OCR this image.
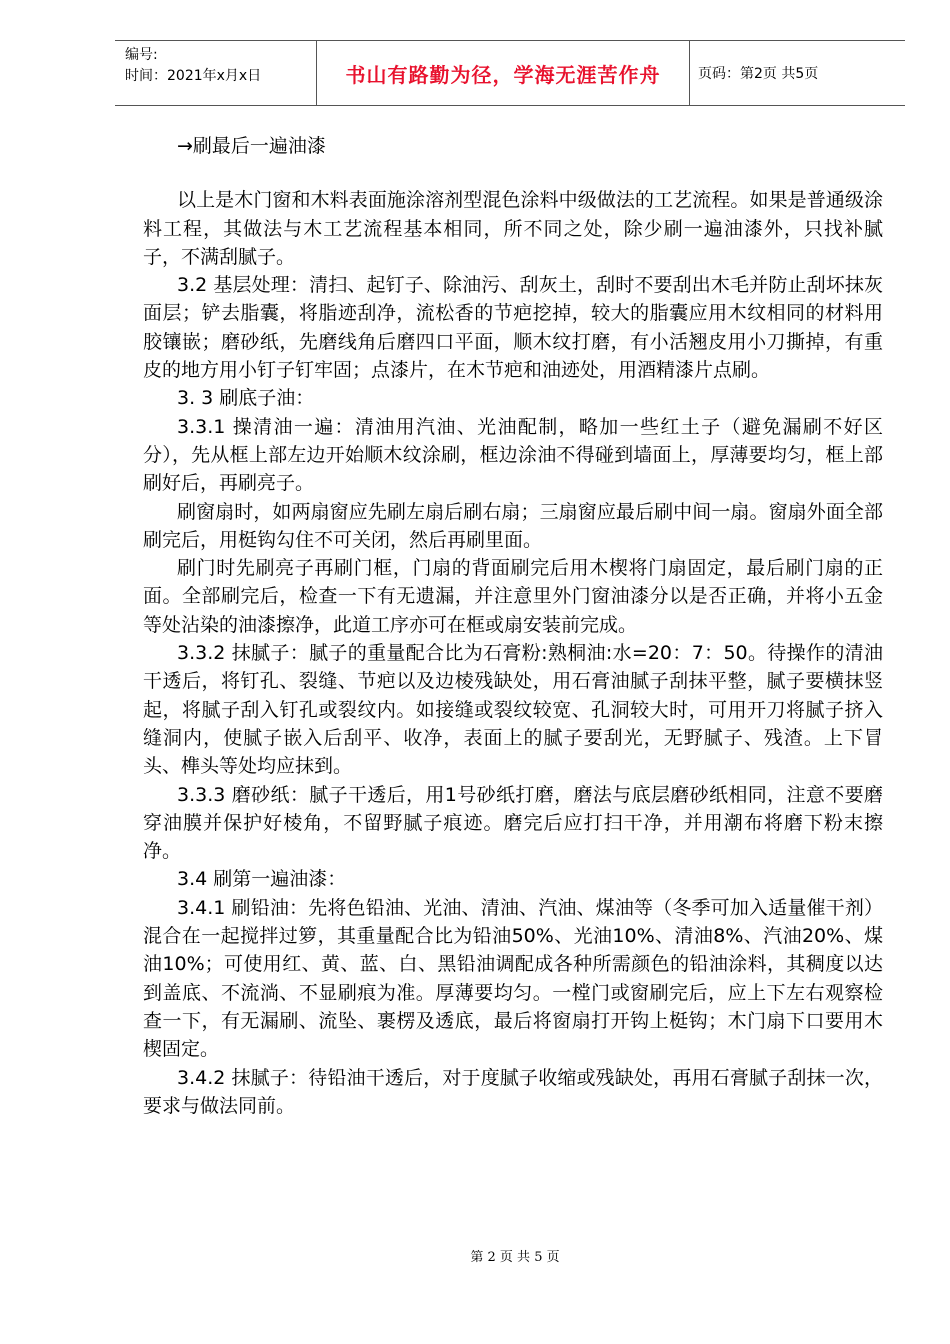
编号:
时间：2021年x月x日	书山有路勤为径，学海无涯苦作舟	页码：第2页 共5页

→刷最后一遍油漆

以上是木门窗和木料表面施涂溶剂型混色涂料中级做法的工艺流程。如果是普通级涂料工程，其做法与木工艺流程基本相同，所不同之处，除少刷一遍油漆外，只找补腻子，不满刮腻子。

3.2 基层处理：清扫、起钉子、除油污、刮灰土，刮时不要刮出木毛并防止刮坏抹灰面层；铲去脂囊，将脂迹刮净，流松香的节疤挖掉，较大的脂囊应用木纹相同的材料用胶镶嵌；磨砂纸，先磨线角后磨四口平面，顺木纹打磨，有小活翘皮用小刀撕掉，有重皮的地方用小钉子钉牢固；点漆片，在木节疤和油迹处，用酒精漆片点刷。

3. 3 刷底子油：

3.3.1 操清油一遍：清油用汽油、光油配制，略加一些红土子（避免漏刷不好区分），先从框上部左边开始顺木纹涂刷，框边涂油不得碰到墙面上，厚薄要均匀，框上部刷好后，再刷亮子。

刷窗扇时，如两扇窗应先刷左扇后刷右扇；三扇窗应最后刷中间一扇。窗扇外面全部刷完后，用梃钩勾住不可关闭，然后再刷里面。

刷门时先刷亮子再刷门框，门扇的背面刷完后用木楔将门扇固定，最后刷门扇的正面。全部刷完后，检查一下有无遗漏，并注意里外门窗油漆分以是否正确，并将小五金等处沾染的油漆擦净，此道工序亦可在框或扇安装前完成。

3.3.2 抹腻子：腻子的重量配合比为石膏粉:熟桐油:水=20：7：50。待操作的清油干透后，将钉孔、裂缝、节疤以及边棱残缺处，用石膏油腻子刮抹平整，腻子要横抹竖起，将腻子刮入钉孔或裂纹内。如接缝或裂纹较宽、孔洞较大时，可用开刀将腻子挤入缝洞内，使腻子嵌入后刮平、收净，表面上的腻子要刮光，无野腻子、残渣。上下冒头、榫头等处均应抹到。

3.3.3 磨砂纸：腻子干透后，用1号砂纸打磨，磨法与底层磨砂纸相同，注意不要磨穿油膜并保护好棱角，不留野腻子痕迹。磨完后应打扫干净，并用潮布将磨下粉末擦净。

3.4 刷第一遍油漆：

3.4.1 刷铅油：先将色铅油、光油、清油、汽油、煤油等（冬季可加入适量催干剂）混合在一起搅拌过箩，其重量配合比为铅油50%、光油10%、清油8%、汽油20%、煤油10%；可使用红、黄、蓝、白、黑铅油调配成各种所需颜色的铅油涂料，其稠度以达到盖底、不流淌、不显刷痕为准。厚薄要均匀。一樘门或窗刷完后，应上下左右观察检查一下，有无漏刷、流坠、裹楞及透底，最后将窗扇打开钩上梃钩；木门扇下口要用木楔固定。

3.4.2 抹腻子：待铅油干透后，对于度腻子收缩或残缺处，再用石膏腻子刮抹一次，要求与做法同前。

第 2 页 共 5 页
